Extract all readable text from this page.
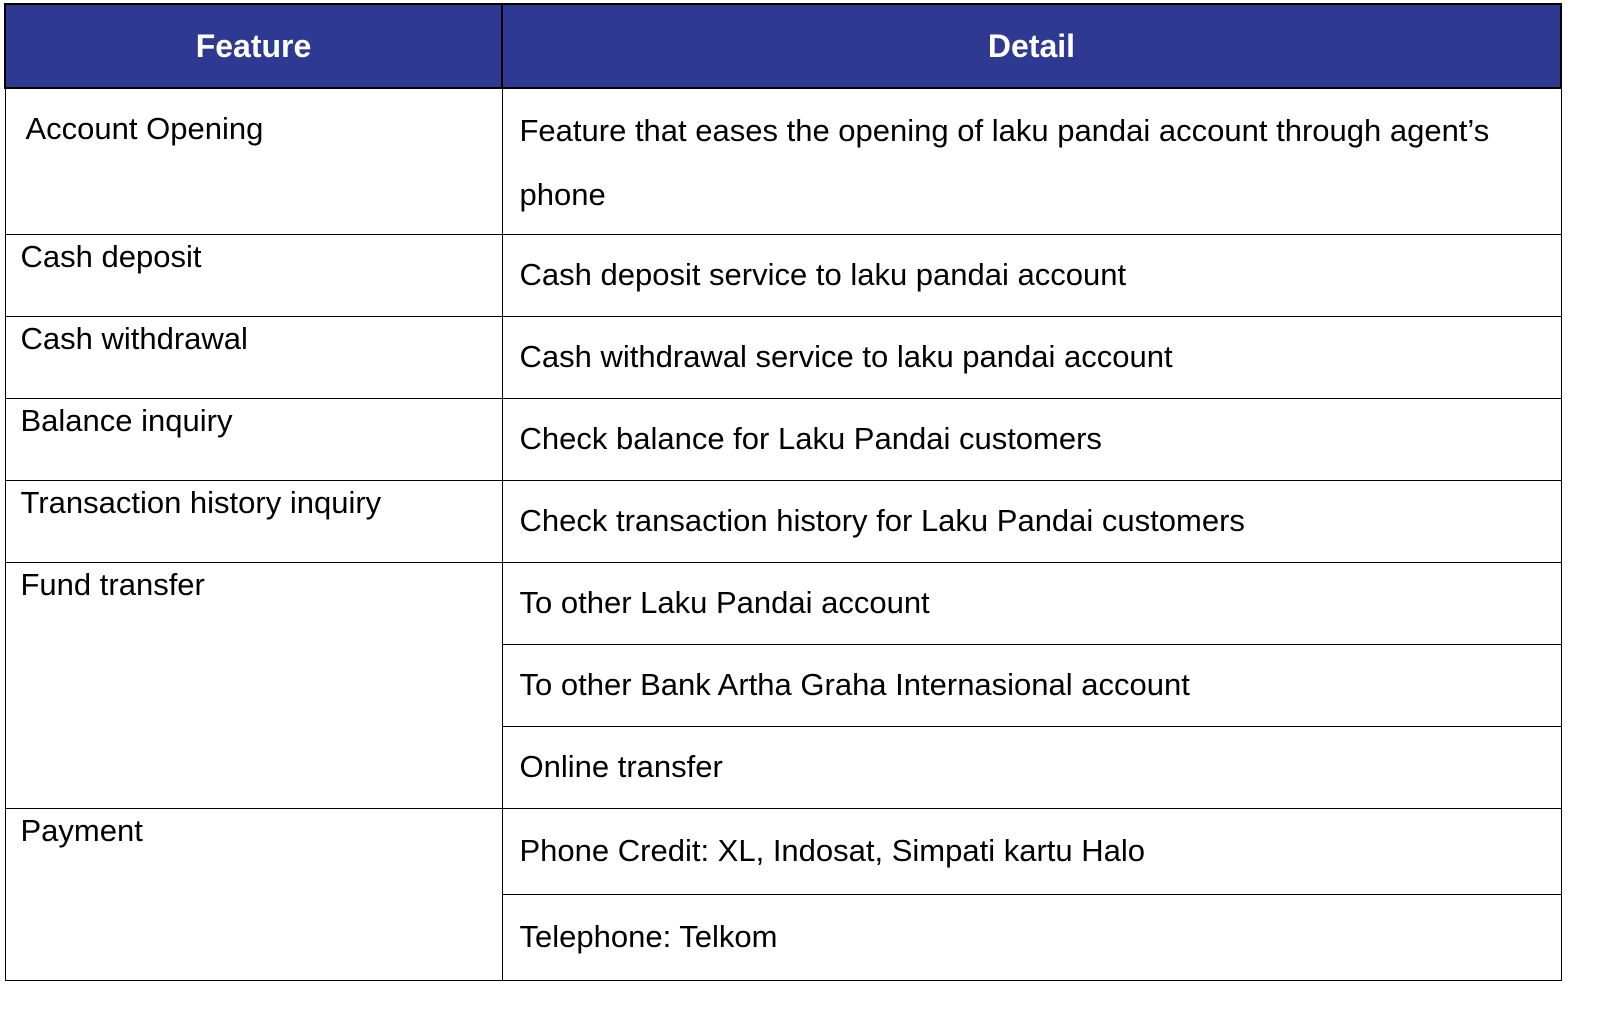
Feature	Detail
Account Opening	Feature that eases the opening of laku pandai account through agent’s phone

Cash deposit	Cash deposit service to laku pandai account
Cash withdrawal	Cash withdrawal service to laku pandai account
Balance inquiry	Check balance for Laku Pandai customers
Transaction history inquiry	Check transaction history for Laku Pandai customers
Fund transfer	To other Laku Pandai account
	To other Bank Artha Graha Internasional account
	Online transfer
Payment	Phone Credit: XL, Indosat, Simpati kartu Halo
	Telephone: Telkom
